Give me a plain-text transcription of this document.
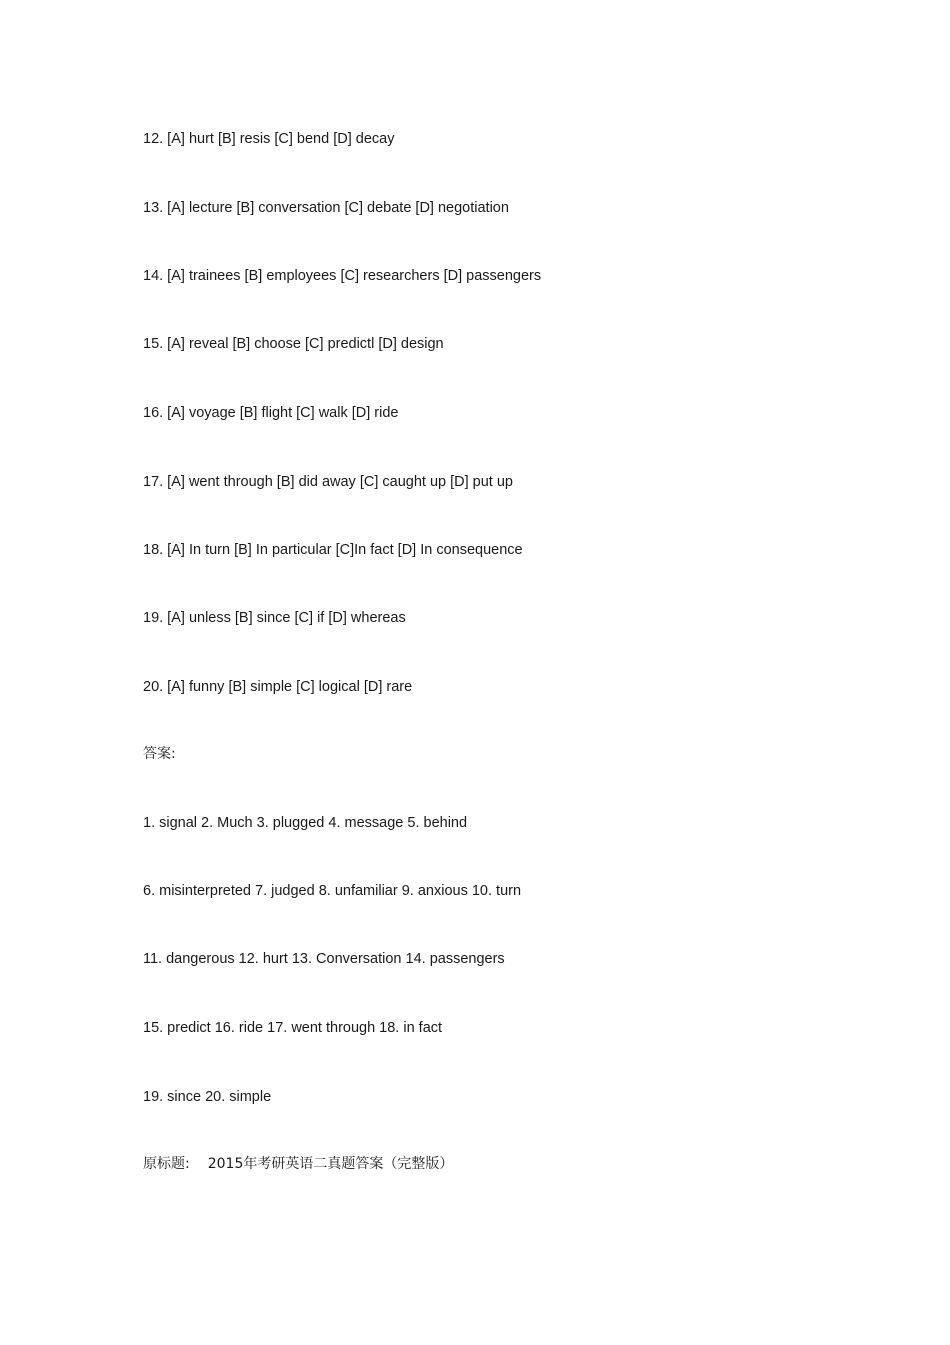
12. [A] hurt [B] resis [C] bend [D] decay
13. [A] lecture [B] conversation [C] debate [D] negotiation
14. [A] trainees [B] employees [C] researchers [D] passengers
15. [A] reveal [B] choose [C] predictl [D] design
16. [A] voyage [B] flight [C] walk [D] ride
17. [A] went through [B] did away [C] caught up [D] put up
18. [A] In turn [B] In particular [C]In fact [D] In consequence
19. [A] unless [B] since [C] if [D] whereas
20. [A] funny [B] simple [C] logical [D] rare
答案:
1. signal 2. Much 3. plugged 4. message 5. behind
6. misinterpreted 7. judged 8. unfamiliar 9. anxious 10. turn
11. dangerous 12. hurt 13. Conversation 14. passengers
15. predict 16. ride 17. went through 18. in fact
19. since 20. simple
原标题: 2015年考研英语二真题答案（完整版）
